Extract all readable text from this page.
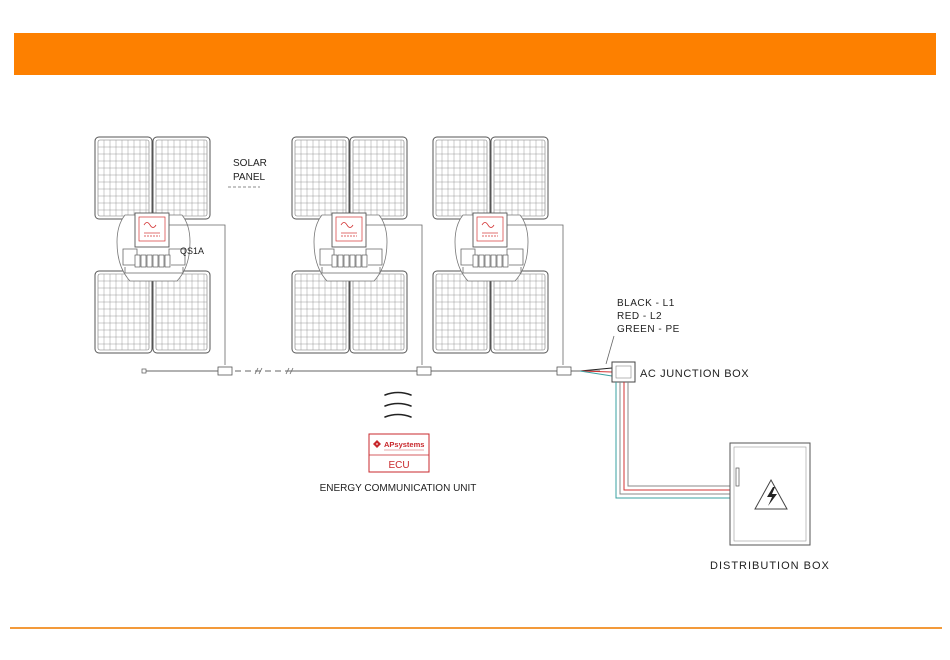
SOLAR
PANEL
QS1A
AC JUNCTION BOX
BLACK - L1
RED - L2
GREEN - PE
DISTRIBUTION BOX
APsystems
ECU
ENERGY COMMUNICATION UNIT
